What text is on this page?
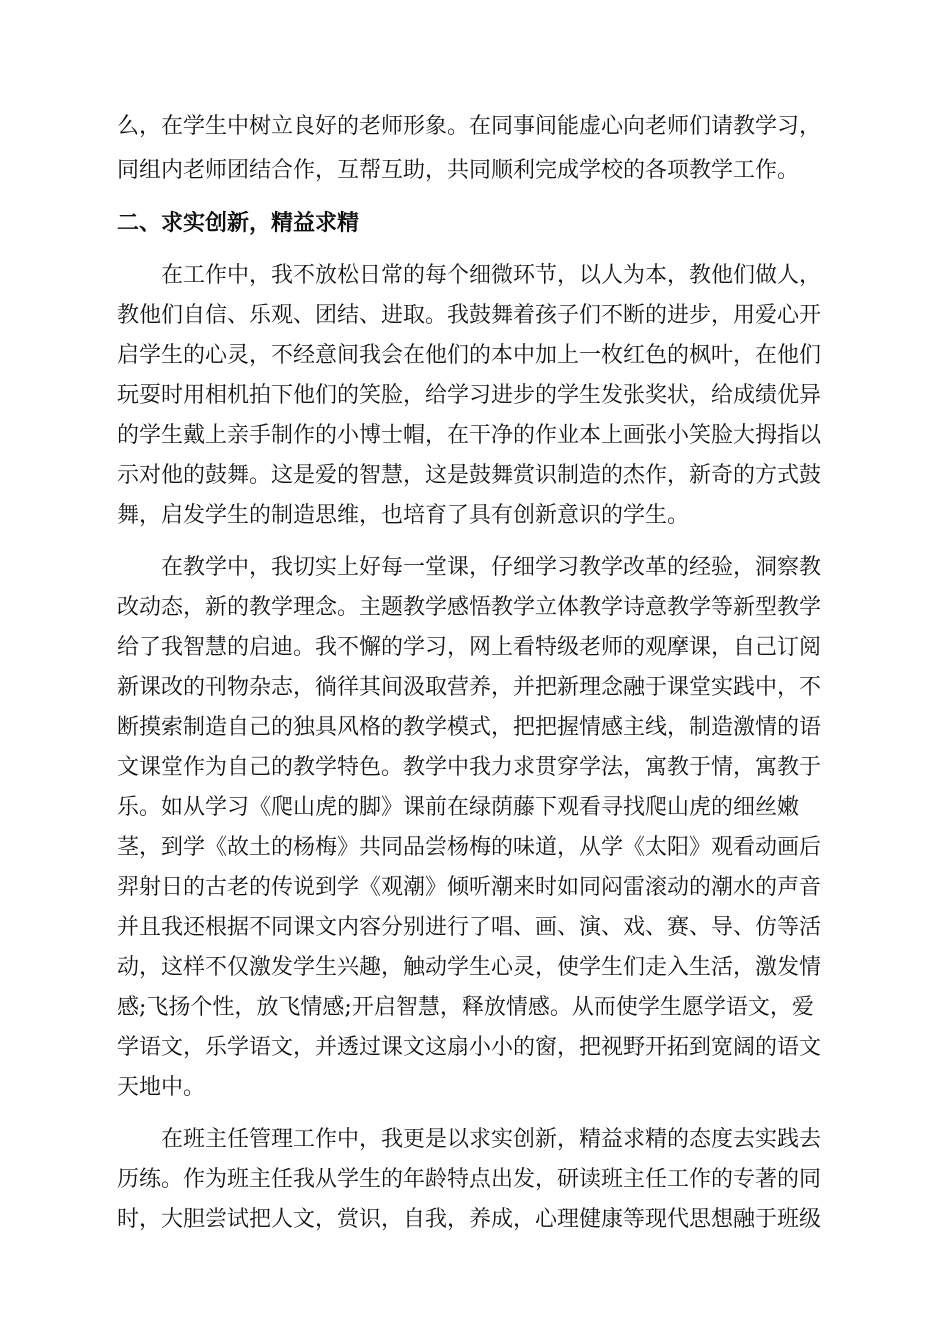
么，在学生中树立良好的老师形象。在同事间能虚心向老师们请教学习，
同组内老师团结合作，互帮互助，共同顺利完成学校的各项教学工作。
二、求实创新，精益求精
在工作中，我不放松日常的每个细微环节，以人为本，教他们做人，
教他们自信、乐观、团结、进取。我鼓舞着孩子们不断的进步，用爱心开
启学生的心灵，不经意间我会在他们的本中加上一枚红色的枫叶，在他们
玩耍时用相机拍下他们的笑脸，给学习进步的学生发张奖状，给成绩优异
的学生戴上亲手制作的小博士帽，在干净的作业本上画张小笑脸大拇指以
示对他的鼓舞。这是爱的智慧，这是鼓舞赏识制造的杰作，新奇的方式鼓
舞，启发学生的制造思维，也培育了具有创新意识的学生。
在教学中，我切实上好每一堂课，仔细学习教学改革的经验，洞察教
改动态，新的教学理念。主题教学感悟教学立体教学诗意教学等新型教学
给了我智慧的启迪。我不懈的学习，网上看特级老师的观摩课，自己订阅
新课改的刊物杂志，徜徉其间汲取营养，并把新理念融于课堂实践中，不
断摸索制造自己的独具风格的教学模式，把把握情感主线，制造激情的语
文课堂作为自己的教学特色。教学中我力求贯穿学法，寓教于情，寓教于
乐。如从学习《爬山虎的脚》课前在绿荫藤下观看寻找爬山虎的细丝嫩
茎，到学《故土的杨梅》共同品尝杨梅的味道，从学《太阳》观看动画后
羿射日的古老的传说到学《观潮》倾听潮来时如同闷雷滚动的潮水的声音
并且我还根据不同课文内容分别进行了唱、画、演、戏、赛、导、仿等活
动，这样不仅激发学生兴趣，触动学生心灵，使学生们走入生活，激发情
感;飞扬个性，放飞情感;开启智慧，释放情感。从而使学生愿学语文，爱
学语文，乐学语文，并透过课文这扇小小的窗，把视野开拓到宽阔的语文
天地中。
在班主任管理工作中，我更是以求实创新，精益求精的态度去实践去
历练。作为班主任我从学生的年龄特点出发，研读班主任工作的专著的同
时，大胆尝试把人文，赏识，自我，养成，心理健康等现代思想融于班级
